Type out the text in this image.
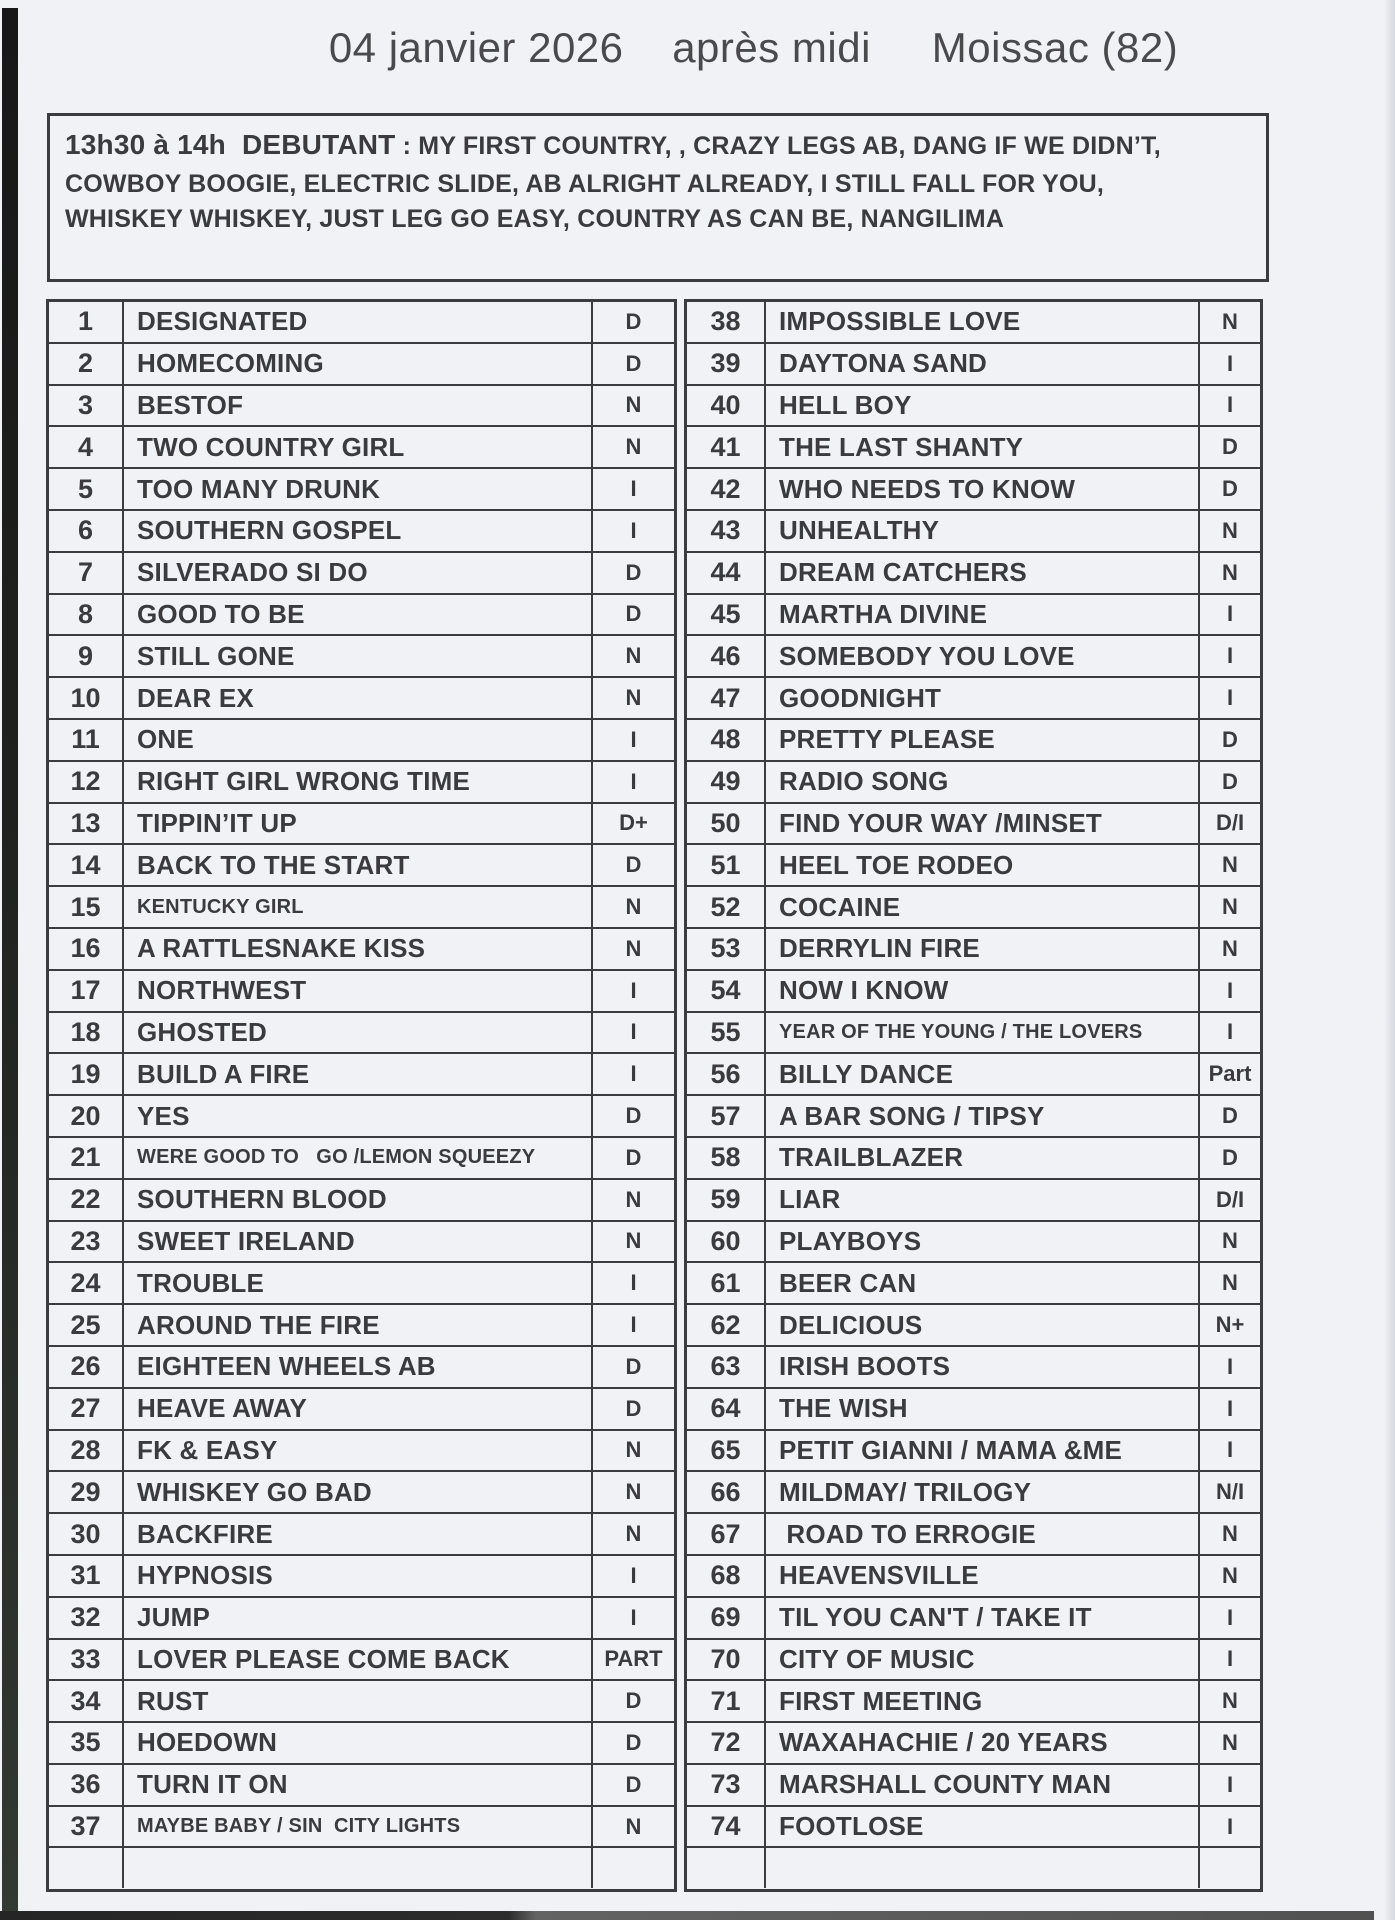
04 janvier 2026    après midi     Moissac (82)
13h30 à 14h DEBUTANT : MY FIRST COUNTRY, , CRAZY LEGS AB, DANG IF WE DIDN’T,
COWBOY BOOGIE, ELECTRIC SLIDE, AB ALRIGHT ALREADY, I STILL FALL FOR YOU,
WHISKEY WHISKEY, JUST LEG GO EASY, COUNTRY AS CAN BE, NANGILIMA
1	DESIGNATED	D
2	HOMECOMING	D
3	BESTOF	N
4	TWO COUNTRY GIRL	N
5	TOO MANY DRUNK	I
6	SOUTHERN GOSPEL	I
7	SILVERADO SI DO	D
8	GOOD TO BE	D
9	STILL GONE	N
10	DEAR EX	N
11	ONE	I
12	RIGHT GIRL WRONG TIME	I
13	TIPPIN’IT UP	D+
14	BACK TO THE START	D
15	KENTUCKY GIRL	N
16	A RATTLESNAKE KISS	N
17	NORTHWEST	I
18	GHOSTED	I
19	BUILD A FIRE	I
20	YES	D
21	WERE GOOD TO   GO /LEMON SQUEEZY	D
22	SOUTHERN BLOOD	N
23	SWEET IRELAND	N
24	TROUBLE	I
25	AROUND THE FIRE	I
26	EIGHTEEN WHEELS AB	D
27	HEAVE AWAY	D
28	FK & EASY	N
29	WHISKEY GO BAD	N
30	BACKFIRE	N
31	HYPNOSIS	I
32	JUMP	I
33	LOVER PLEASE COME BACK	PART
34	RUST	D
35	HOEDOWN	D
36	TURN IT ON	D
37	MAYBE BABY / SIN  CITY LIGHTS	N
38	IMPOSSIBLE LOVE	N
39	DAYTONA SAND	I
40	HELL BOY	I
41	THE LAST SHANTY	D
42	WHO NEEDS TO KNOW	D
43	UNHEALTHY	N
44	DREAM CATCHERS	N
45	MARTHA DIVINE	I
46	SOMEBODY YOU LOVE	I
47	GOODNIGHT	I
48	PRETTY PLEASE	D
49	RADIO SONG	D
50	FIND YOUR WAY /MINSET	D/I
51	HEEL TOE RODEO	N
52	COCAINE	N
53	DERRYLIN FIRE	N
54	NOW I KNOW	I
55	YEAR OF THE YOUNG / THE LOVERS	I
56	BILLY DANCE	Part
57	A BAR SONG / TIPSY	D
58	TRAILBLAZER	D
59	LIAR	D/I
60	PLAYBOYS	N
61	BEER CAN	N
62	DELICIOUS	N+
63	IRISH BOOTS	I
64	THE WISH	I
65	PETIT GIANNI / MAMA &ME	I
66	MILDMAY/ TRILOGY	N/I
67	ROAD TO ERROGIE	N
68	HEAVENSVILLE	N
69	TIL YOU CAN'T / TAKE IT	I
70	CITY OF MUSIC	I
71	FIRST MEETING	N
72	WAXAHACHIE / 20 YEARS	N
73	MARSHALL COUNTY MAN	I
74	FOOTLOSE	I
